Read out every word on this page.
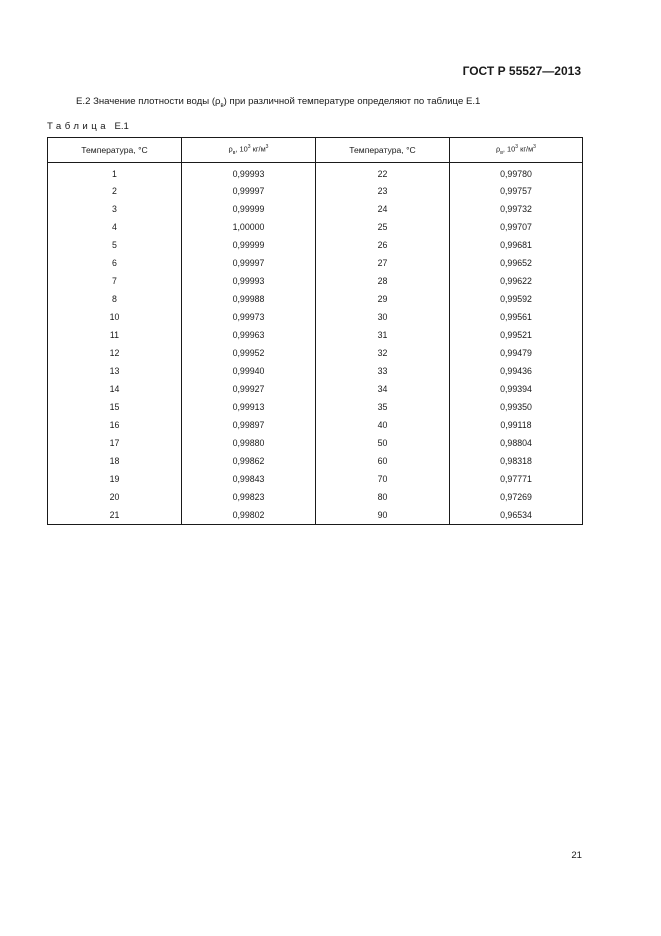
ГОСТ Р 55527—2013
Е.2 Значение плотности воды $(\rho_в)$ при различной температуре определяют по таблице Е.1
Таблица Е.1
Температура, °С	$\rho_в$, $10^3$ $кг/м^3$	Температура, °С	$\rho_в$, $10^3$ $кг/м^3$
1	0,99993	22	0,99780
2	0,99997	23	0,99757
3	0,99999	24	0,99732
4	1,00000	25	0,99707
5	0,99999	26	0,99681
6	0,99997	27	0,99652
7	0,99993	28	0,99622
8	0,99988	29	0,99592
10	0,99973	30	0,99561
11	0,99963	31	0,99521
12	0,99952	32	0,99479
13	0,99940	33	0,99436
14	0,99927	34	0,99394
15	0,99913	35	0,99350
16	0,99897	40	0,99118
17	0,99880	50	0,98804
18	0,99862	60	0,98318
19	0,99843	70	0,97771
20	0,99823	80	0,97269
21	0,99802	90	0,96534
21
